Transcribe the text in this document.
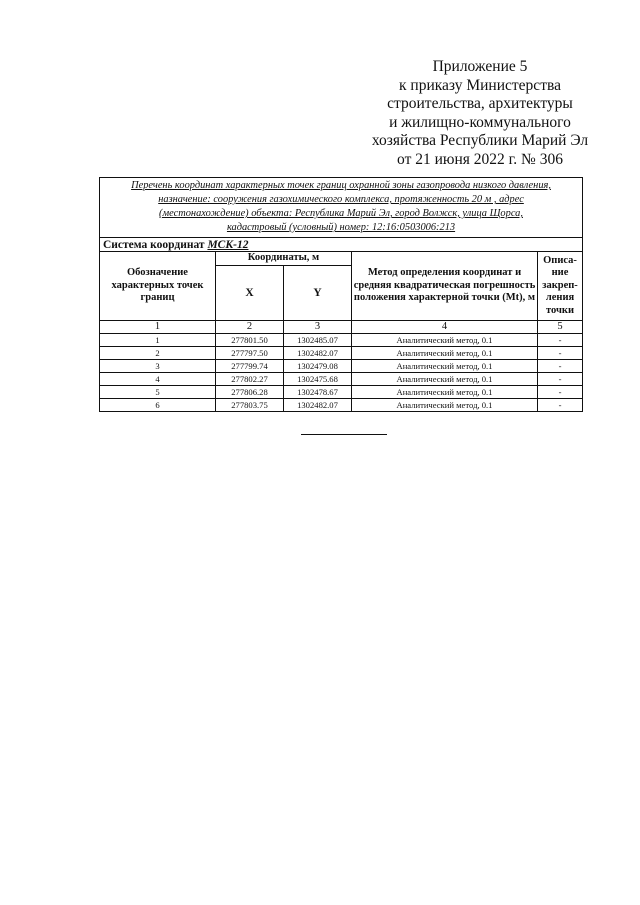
Приложение 5
к приказу Министерства
строительства, архитектуры
и жилищно-коммунального
хозяйства Республики Марий Эл
от 21 июня 2022 г. № 306
Перечень координат характерных точек границ охранной зоны газопровода низкого давления,
назначение: сооружения газохимического комплекса, протяженность 20 м , адрес
(местонахождение) объекта: Республика Марий Эл, город Волжск, улица Щорса,
кадастровый (условный) номер: 12:16:0503006:213				

Система координат МСК-12				
Обозначение характерных точек границ	Координаты, м		Метод определения координат и средняя квадратическая погрешность положения характерной точки (Mt), м	Описа-ние закреп-ления точки
	X	Y		
1	2	3	4	5
1	277801.50	1302485.07	Аналитический метод, 0.1	-
2	277797.50	1302482.07	Аналитический метод, 0.1	-
3	277799.74	1302479.08	Аналитический метод, 0.1	-
4	277802.27	1302475.68	Аналитический метод, 0.1	-
5	277806.28	1302478.67	Аналитический метод, 0.1	-
6	277803.75	1302482.07	Аналитический метод, 0.1	-
